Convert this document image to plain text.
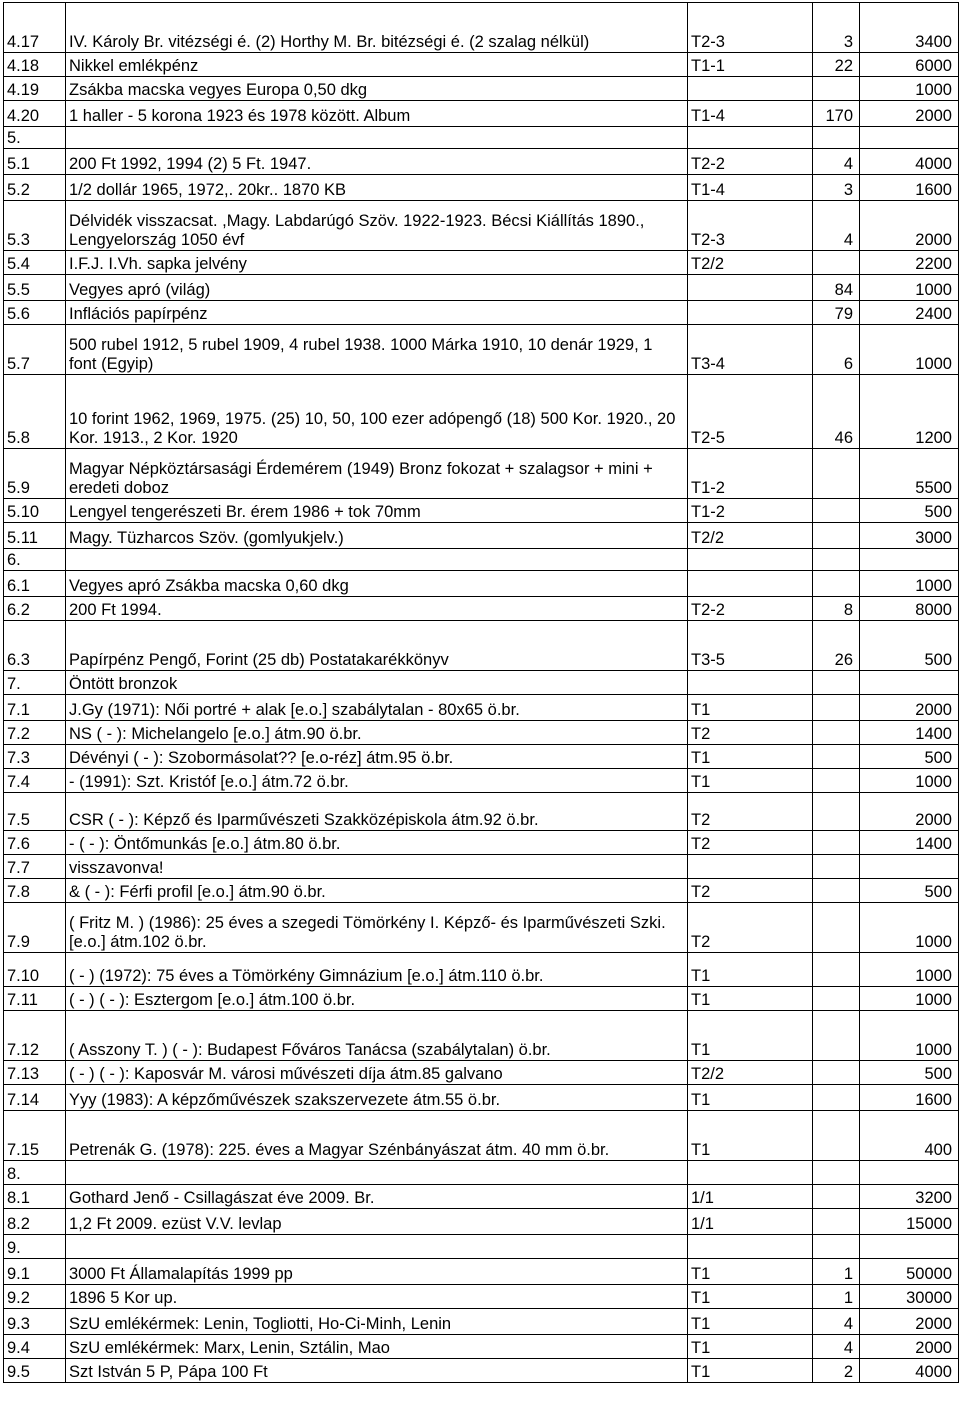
4.17	IV. Károly Br. vitézségi é. (2) Horthy M. Br. bitézségi é. (2 szalag nélkül)	T2-3	3	3400
4.18	Nikkel emlékpénz	T1-1	22	6000
4.19	Zsákba macska vegyes Europa 0,50 dkg			1000
4.20	1 haller - 5 korona 1923 és 1978 között. Album	T1-4	170	2000
5.				
5.1	200 Ft 1992, 1994 (2) 5 Ft. 1947.	T2-2	4	4000
5.2	1/2 dollár 1965, 1972,. 20kr.. 1870 KB	T1-4	3	1600
5.3	Délvidék visszacsat. ,Magy. Labdarúgó Szöv. 1922-1923. Bécsi Kiállítás 1890., Lengyelország 1050 évf	T2-3	4	2000
5.4	I.F.J. I.Vh. sapka jelvény	T2/2		2200
5.5	Vegyes apró (világ)		84	1000
5.6	Inflációs papírpénz		79	2400
5.7	500 rubel 1912, 5 rubel 1909, 4 rubel 1938. 1000 Márka 1910, 10 denár 1929, 1 font (Egyip)	T3-4	6	1000
5.8	10 forint 1962, 1969, 1975. (25) 10, 50, 100 ezer adópengő (18) 500 Kor. 1920., 20 Kor. 1913., 2 Kor. 1920	T2-5	46	1200
5.9	Magyar Népköztársasági Érdemérem (1949) Bronz fokozat + szalagsor + mini + eredeti doboz	T1-2		5500
5.10	Lengyel tengerészeti Br. érem 1986 + tok 70mm	T1-2		500
5.11	Magy. Tüzharcos Szöv. (gomlyukjelv.)	T2/2		3000
6.				
6.1	Vegyes apró Zsákba macska 0,60 dkg			1000
6.2	200 Ft 1994.	T2-2	8	8000
6.3	Papírpénz Pengő, Forint (25 db) Postatakarékkönyv	T3-5	26	500
7.	Öntött bronzok			
7.1	J.Gy (1971): Női portré + alak [e.o.] szabálytalan - 80x65 ö.br.	T1		2000
7.2	NS ( - ): Michelangelo [e.o.] átm.90 ö.br.	T2		1400
7.3	Dévényi ( - ): Szobormásolat?? [e.o-réz] átm.95 ö.br.	T1		500
7.4	- (1991): Szt. Kristóf [e.o.] átm.72 ö.br.	T1		1000
7.5	CSR ( - ): Képző és Iparművészeti Szakközépiskola átm.92 ö.br.	T2		2000
7.6	- ( - ): Öntőmunkás [e.o.] átm.80 ö.br.	T2		1400
7.7	visszavonva!			
7.8	& ( - ): Férfi profil [e.o.] átm.90 ö.br.	T2		500
7.9	( Fritz M. ) (1986): 25 éves a szegedi Tömörkény I. Képző- és Iparművészeti Szki. [e.o.] átm.102 ö.br.	T2		1000
7.10	( - ) (1972): 75 éves a Tömörkény Gimnázium [e.o.] átm.110 ö.br.	T1		1000
7.11	( - ) ( - ): Esztergom [e.o.] átm.100 ö.br.	T1		1000
7.12	( Asszony T. ) ( - ): Budapest Főváros Tanácsa (szabálytalan) ö.br.	T1		1000
7.13	( - ) ( - ): Kaposvár M. városi művészeti díja átm.85 galvano	T2/2		500
7.14	Yyy (1983): A képzőművészek szakszervezete átm.55 ö.br.	T1		1600
7.15	Petrenák G. (1978): 225. éves a Magyar Szénbányászat átm. 40 mm ö.br.	T1		400
8.				
8.1	Gothard Jenő - Csillagászat éve 2009. Br.	1/1		3200
8.2	1,2 Ft 2009. ezüst V.V. levlap	1/1		15000
9.				
9.1	3000 Ft Államalapítás 1999 pp	T1	1	50000
9.2	1896 5 Kor up.	T1	1	30000
9.3	SzU emlékérmek: Lenin, Togliotti, Ho-Ci-Minh, Lenin	T1	4	2000
9.4	SzU emlékérmek: Marx, Lenin, Sztálin, Mao	T1	4	2000
9.5	Szt István 5 P, Pápa 100 Ft	T1	2	4000
